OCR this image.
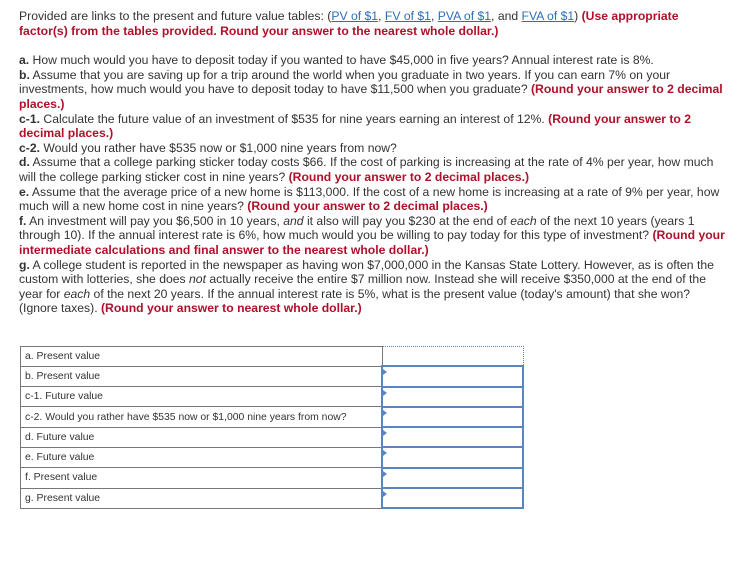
Provided are links to the present and future value tables: (PV of $1, FV of $1, PVA of $1, and FVA of $1) (Use appropriate factor(s) from the tables provided. Round your answer to the nearest whole dollar.)

a. How much would you have to deposit today if you wanted to have $45,000 in five years? Annual interest rate is 8%.

b. Assume that you are saving up for a trip around the world when you graduate in two years. If you can earn 7% on your investments, how much would you have to deposit today to have $11,500 when you graduate? (Round your answer to 2 decimal places.)

c-1. Calculate the future value of an investment of $535 for nine years earning an interest of 12%. (Round your answer to 2 decimal places.)

c-2. Would you rather have $535 now or $1,000 nine years from now?

d. Assume that a college parking sticker today costs $66. If the cost of parking is increasing at the rate of 4% per year, how much will the college parking sticker cost in nine years? (Round your answer to 2 decimal places.)

e. Assume that the average price of a new home is $113,000. If the cost of a new home is increasing at a rate of 9% per year, how much will a new home cost in nine years? (Round your answer to 2 decimal places.)

f. An investment will pay you $6,500 in 10 years, and it also will pay you $230 at the end of each of the next 10 years (years 1 through 10). If the annual interest rate is 6%, how much would you be willing to pay today for this type of investment? (Round your intermediate calculations and final answer to the nearest whole dollar.)

g. A college student is reported in the newspaper as having won $7,000,000 in the Kansas State Lottery. However, as is often the custom with lotteries, she does not actually receive the entire $7 million now. Instead she will receive $350,000 at the end of the year for each of the next 20 years. If the annual interest rate is 5%, what is the present value (today's amount) that she won? (Ignore taxes). (Round your answer to nearest whole dollar.)

a. Present value	
b. Present value	

c-1. Future value	

c-2. Would you rather have $535 now or $1,000 nine years from now?	

d. Future value	

e. Future value	

f. Present value	

g. Present value	
